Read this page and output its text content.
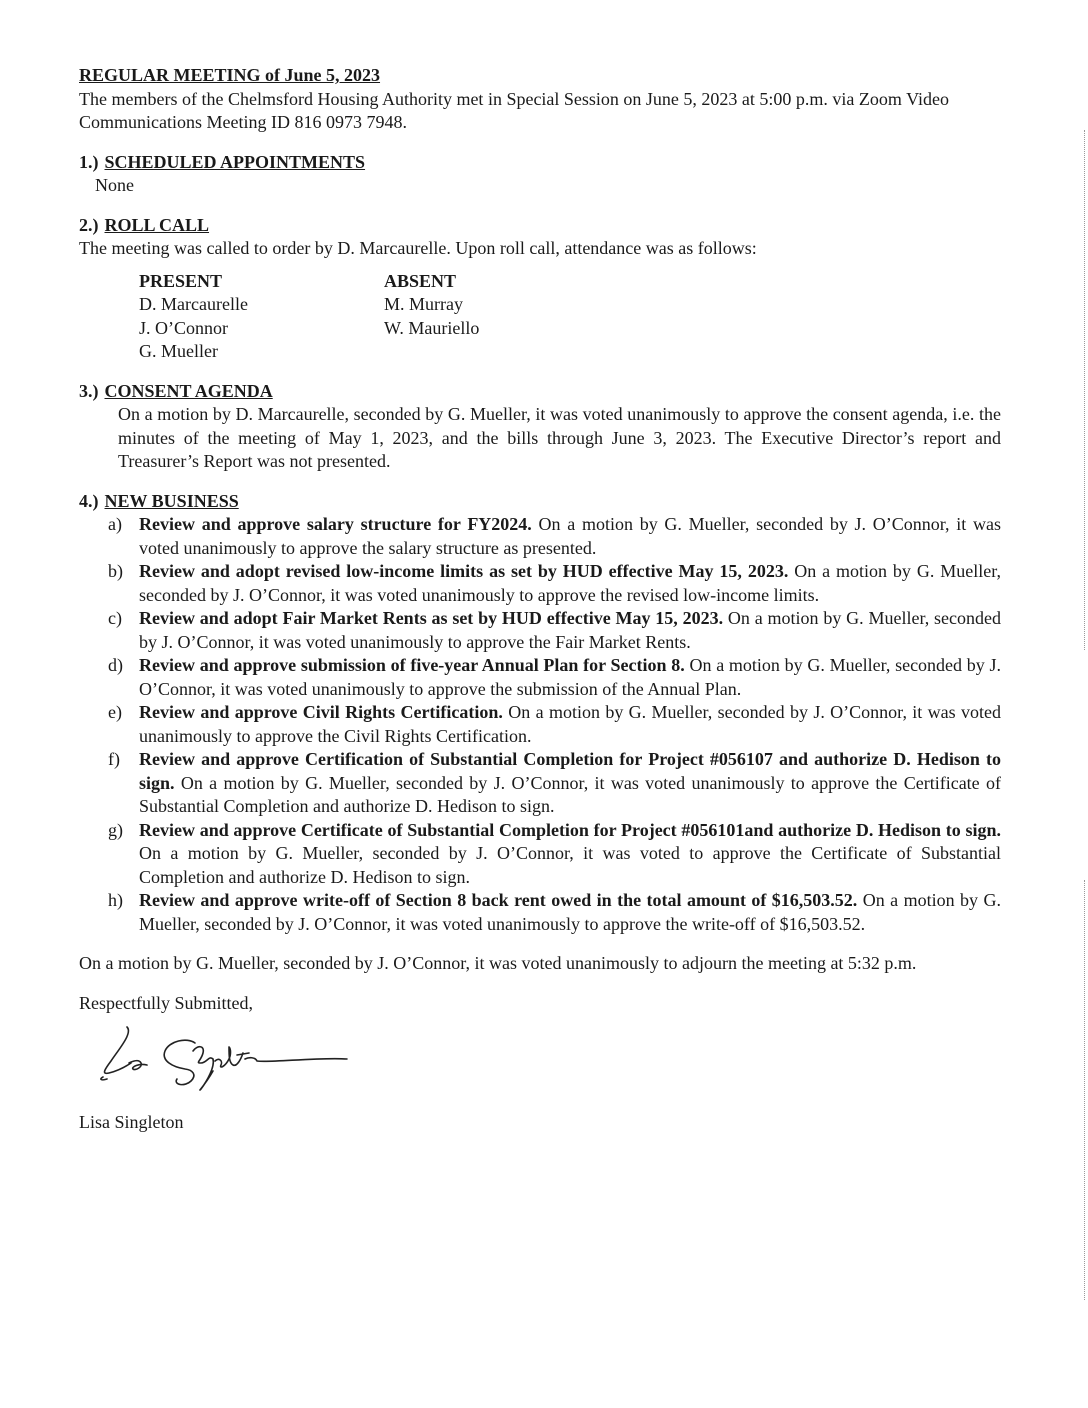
REGULAR MEETING of June 5, 2023

The members of the Chelmsford Housing Authority met in Special Session on June 5, 2023 at 5:00 p.m. via Zoom Video Communications Meeting ID 816 0973 7948.

1.) SCHEDULED APPOINTMENTS
None
2.) ROLL CALL
The meeting was called to order by D. Marcaurelle. Upon roll call, attendance was as follows:
PRESENT
D. Marcaurelle
J. O’Connor
G. Mueller
ABSENT
M. Murray
W. Mauriello
3.) CONSENT AGENDA
On a motion by D. Marcaurelle, seconded by G. Mueller, it was voted unanimously to approve the consent agenda, i.e. the minutes of the meeting of May 1, 2023, and the bills through June 3, 2023. The Executive Director’s report and Treasurer’s Report was not presented.
4.) NEW BUSINESS
a) Review and approve salary structure for FY2024. On a motion by G. Mueller, seconded by J. O’Connor, it was voted unanimously to approve the salary structure as presented.
b) Review and adopt revised low-income limits as set by HUD effective May 15, 2023. On a motion by G. Mueller, seconded by J. O’Connor, it was voted unanimously to approve the revised low-income limits.
c) Review and adopt Fair Market Rents as set by HUD effective May 15, 2023. On a motion by G. Mueller, seconded by J. O’Connor, it was voted unanimously to approve the Fair Market Rents.
d) Review and approve submission of five-year Annual Plan for Section 8. On a motion by G. Mueller, seconded by J. O’Connor, it was voted unanimously to approve the submission of the Annual Plan.
e) Review and approve Civil Rights Certification. On a motion by G. Mueller, seconded by J. O’Connor, it was voted unanimously to approve the Civil Rights Certification.
f)	Review and approve Certification of Substantial Completion for Project #056107 and authorize D. Hedison to sign. On a motion by G. Mueller, seconded by J. O’Connor, it was voted unanimously to approve the Certificate of Substantial Completion and authorize D. Hedison to sign.
g) Review and approve Certificate of Substantial Completion for Project #056101and authorize D. Hedison to sign. On a motion by G. Mueller, seconded by J. O’Connor, it was voted to approve the Certificate of Substantial Completion and authorize D. Hedison to sign.
h) Review and approve write-off of Section 8 back rent owed in the total amount of $16,503.52. On a motion by G. Mueller, seconded by J. O’Connor, it was voted unanimously to approve the write-off of $16,503.52.

On a motion by G. Mueller, seconded by J. O’Connor, it was voted unanimously to adjourn the meeting at 5:32 p.m.

Respectfully Submitted,

Lisa Singleton

Lisa Singleton
